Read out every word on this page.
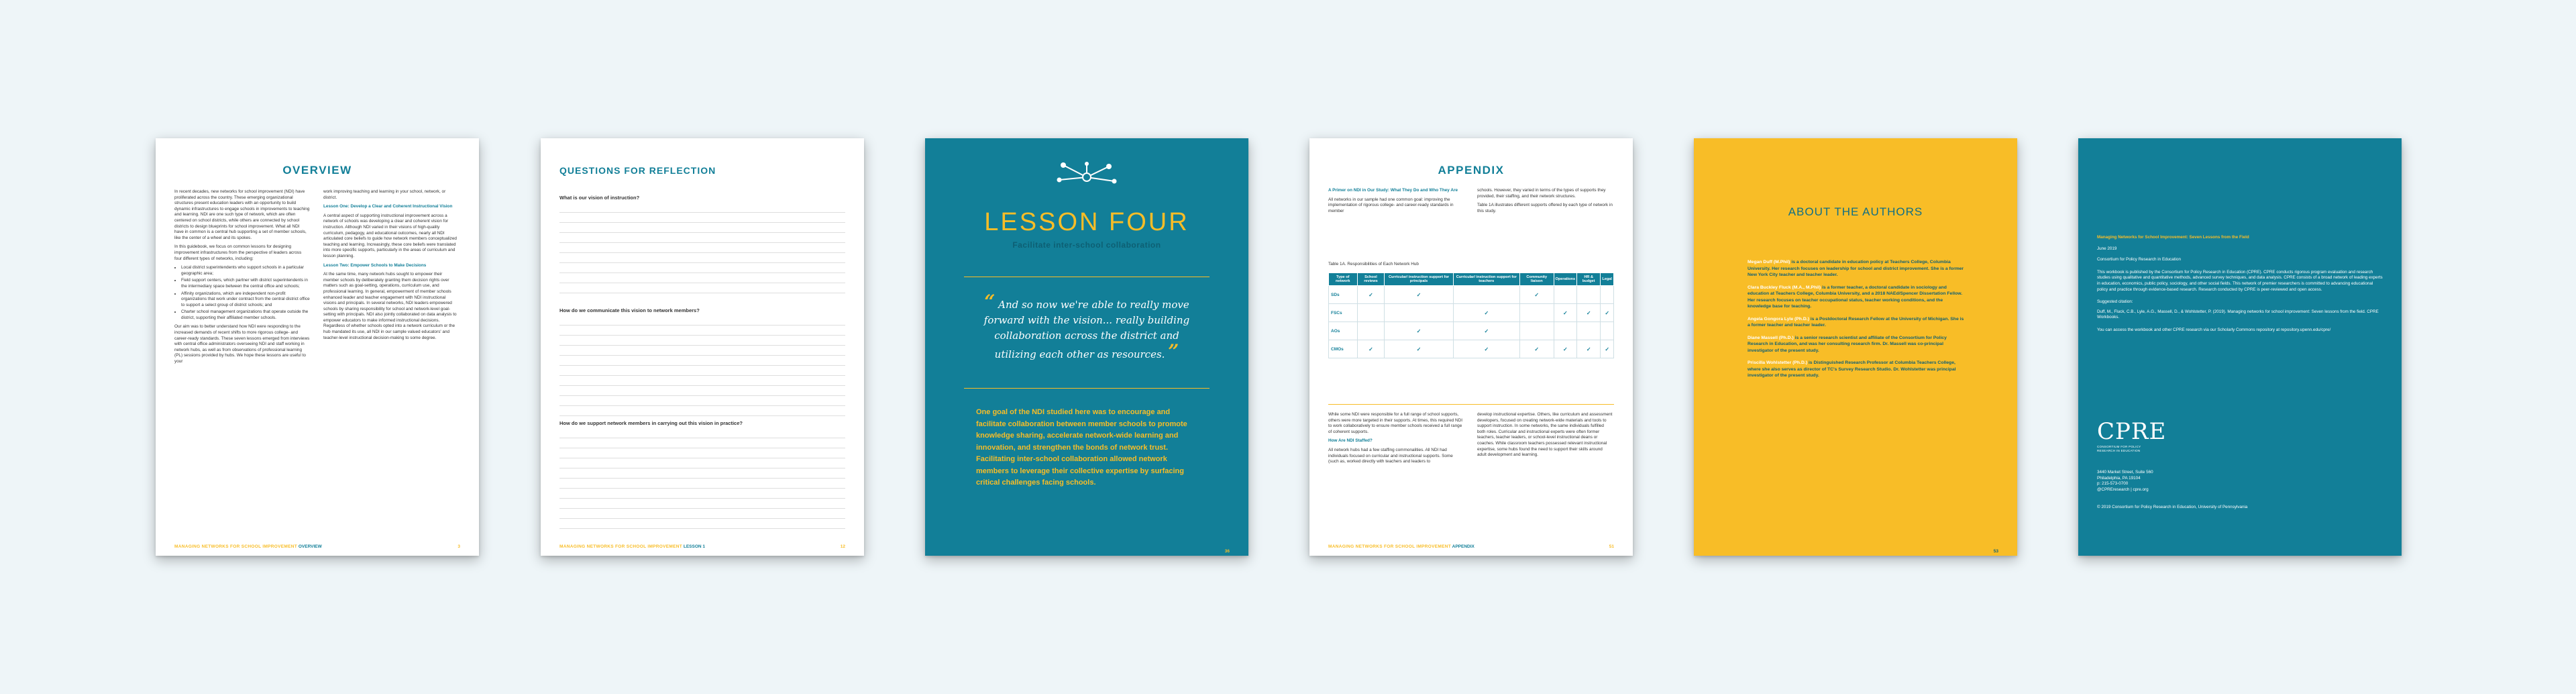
OVERVIEW

In recent decades, new networks for school improvement (NDI) have proliferated across the country. These emerging organizational structures present education leaders with an opportunity to build dynamic infrastructures to engage schools in improvements to teaching and learning. NDI are one such type of network, which are often centered on school districts, while others are connected by school districts to design blueprints for school improvement. What all NDI have in common is a central hub supporting a set of member schools, like the center of a wheel and its spokes.

In this guidebook, we focus on common lessons for designing improvement infrastructures from the perspective of leaders across four different types of networks, including:

• Local district superintendents who support schools in a particular geographic area;
• Field support centers, which partner with district superintendents in the intermediary space between the central office and schools;
• Affinity organizations, which are independent non-profit organizations that work under contract from the central district office to support a select group of district schools; and
• Charter school management organizations that operate outside the district, supporting their affiliated member schools.

Our aim was to better understand how NDI were responding to the increased demands of recent shifts to more rigorous college- and career-ready standards. These seven lessons emerged from interviews with central office administrators overseeing NDI and staff working in network hubs, as well as from observations of professional learning (PL) sessions provided by hubs. We hope these lessons are useful to your

work improving teaching and learning in your school, network, or district.

Lesson One: Develop a Clear and Coherent Instructional Vision

A central aspect of supporting instructional improvement across a network of schools was developing a clear and coherent vision for instruction. Although NDI varied in their visions of high-quality curriculum, pedagogy, and educational outcomes, nearly all NDI articulated core beliefs to guide how network members conceptualized teaching and learning. Increasingly, these core beliefs were translated into more specific supports, particularly in the areas of curriculum and lesson planning.

Lesson Two: Empower Schools to Make Decisions

At the same time, many network hubs sought to empower their member schools by deliberately granting them decision rights over matters such as goal-setting, operations, curriculum use, and professional learning. In general, empowerment of member schools enhanced leader and teacher engagement with NDI instructional visions and principals. In several networks, NDI leaders empowered schools by sharing responsibility for school and network-level goal-setting with principals. NDI also jointly collaborated on data analysis to empower educators to make informed instructional decisions. Regardless of whether schools opted into a network curriculum or the hub mandated its use, all NDI in our sample valued educators' and teacher-level instructional decision-making to some degree.

MANAGING NETWORKS FOR SCHOOL IMPROVEMENT OVERVIEW	3
QUESTIONS FOR REFLECTION
What is our vision of instruction?
How do we communicate this vision to network members?
How do we support network members in carrying out this vision in practice?
MANAGING NETWORKS FOR SCHOOL IMPROVEMENT LESSON 1	12
LESSON FOUR
Facilitate inter-school collaboration
“ And so now we're able to really move forward with the vision... really building collaboration across the district and utilizing each other as resources. ”
One goal of the NDI studied here was to encourage and facilitate collaboration between member schools to promote knowledge sharing, accelerate network-wide learning and innovation, and strengthen the bonds of network trust. Facilitating inter-school collaboration allowed network members to leverage their collective expertise by surfacing critical challenges facing schools.
36
APPENDIX

A Primer on NDI in Our Study: What They Do and Who They Are

All networks in our sample had one common goal: improving the implementation of rigorous college- and career-ready standards in member

schools. However, they varied in terms of the types of supports they provided, their staffing, and their network structures.

Table 1A illustrates different supports offered by each type of network in this study.

Table 1A. Responsibilities of Each Network Hub
Type of network	School reviews	Curricular/ instruction support for principals	Curricular/ instruction support for teachers	Community liaison	Operations	HR & budget	Legal
SDs	✓	✓		✓			
FSCs			✓		✓	✓	✓
AOs		✓	✓				
CMOs	✓	✓	✓	✓	✓	✓	✓

While some NDI were responsible for a full range of school supports, others were more targeted in their supports. At times, this required NDI to work collaboratively to ensure member schools received a full range of coherent supports.

How Are NDI Staffed?

All network hubs had a few staffing commonalities. All NDI had individuals focused on curricular and instructional supports. Some (such as, worked directly with teachers and leaders to

develop instructional expertise. Others, like curriculum and assessment developers, focused on creating network-wide materials and tools to support instruction. In some networks, the same individuals fulfilled both roles. Curricular and instructional experts were often former teachers, teacher leaders, or school-level instructional deans or coaches. While classroom teachers possessed relevant instructional expertise, some hubs found the need to support their skills around adult development and learning.

MANAGING NETWORKS FOR SCHOOL IMPROVEMENT APPENDIX	51
ABOUT THE AUTHORS

Megan Duff (M.Phil) is a doctoral candidate in education policy at Teachers College, Columbia University. Her research focuses on leadership for school and district improvement. She is a former New York City teacher and teacher leader.

Clara Buckley Fluck (M.A., M.Phil) is a former teacher, a doctoral candidate in sociology and education at Teachers College, Columbia University, and a 2018 NAEd/Spencer Dissertation Fellow. Her research focuses on teacher occupational status, teacher working conditions, and the knowledge base for teaching.

Angela Gongora Lyle (Ph.D.) is a Postdoctoral Research Fellow at the University of Michigan. She is a former teacher and teacher leader.

Diane Massell (Ph.D.) is a senior research scientist and affiliate of the Consortium for Policy Research in Education, and was her consulting research firm. Dr. Massell was co-principal investigator of the present study.

Priscilla Wohlstetter (Ph.D.) is Distinguished Research Professor at Columbia Teachers College, where she also serves as director of TC's Survey Research Studio. Dr. Wohlstetter was principal investigator of the present study.

53

Managing Networks for School Improvement: Seven Lessons from the Field

June 2019

Consortium for Policy Research in Education

This workbook is published by the Consortium for Policy Research in Education (CPRE). CPRE conducts rigorous program evaluation and research studies using qualitative and quantitative methods, advanced survey techniques, and data analysis. CPRE consists of a broad network of leading experts in education, economics, public policy, sociology, and other social fields. This network of premier researchers is committed to advancing educational policy and practice through evidence-based research. Research conducted by CPRE is peer-reviewed and open access.

Suggested citation:

Duff, M., Fluck, C.B., Lyle, A.G., Massell, D., & Wohlstetter, P. (2019). Managing networks for school improvement: Seven lessons from the field. CPRE Workbooks.

You can access the workbook and other CPRE research via our Scholarly Commons repository at repository.upenn.edu/cpre/

CPRE
CONSORTIUM FOR POLICY RESEARCH IN EDUCATION
3440 Market Street, Suite 560
Philadelphia, PA 19104
p: 215-573-0700
@CPREresearch | cpre.org
© 2019 Consortium for Policy Research in Education, University of Pennsylvania
